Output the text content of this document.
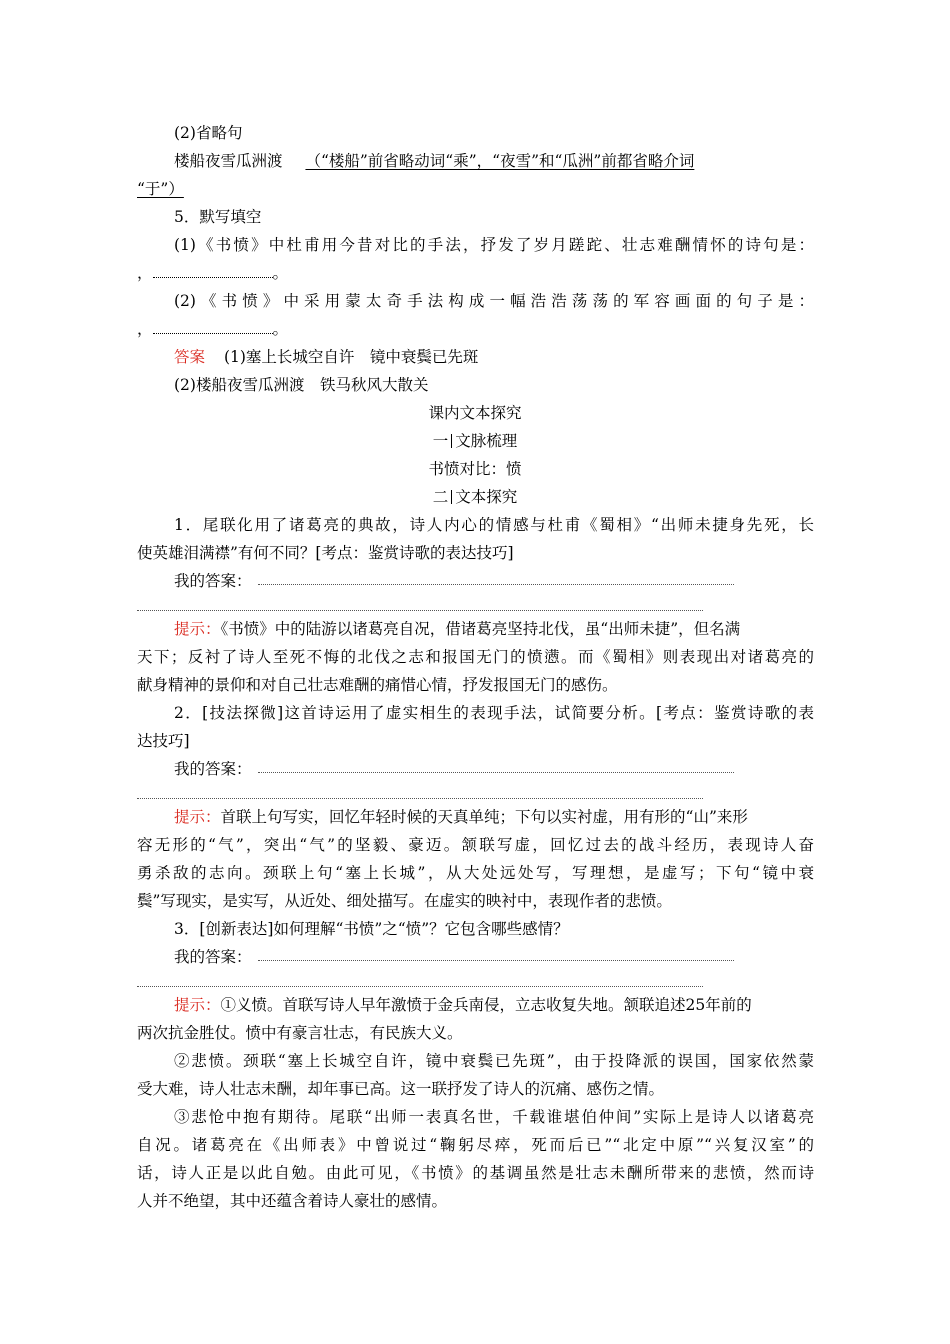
(2)省略句
楼船夜雪瓜洲渡 （“楼船”前省略动词“乘”，“夜雪”和“瓜洲”前都省略介词
“于”）
5．默写填空
(1)《书愤》中杜甫用今昔对比的手法，抒发了岁月蹉跎、壮志难酬情怀的诗句是：
，	。
(2)《书愤》中采用蒙太奇手法构成一幅浩浩荡荡的军容画面的句子是：
，	。
答案 (1)塞上长城空自许　镜中衰鬓已先斑
(2)楼船夜雪瓜洲渡　铁马秋风大散关
课内文本探究
一 文脉梳理
书愤对比：愤
二 文本探究
1．尾联化用了诸葛亮的典故，诗人内心的情感与杜甫《蜀相》“出师未捷身先死，长
使英雄泪满襟”有何不同？[考点：鉴赏诗歌的表达技巧]
我的答案：
提示：《书愤》中的陆游以诸葛亮自况，借诸葛亮坚持北伐，虽“出师未捷”，但名满
天下；反衬了诗人至死不悔的北伐之志和报国无门的愤懑。而《蜀相》则表现出对诸葛亮的
献身精神的景仰和对自己壮志难酬的痛惜心情，抒发报国无门的感伤。
2．[技法探微]这首诗运用了虚实相生的表现手法，试简要分析。[考点：鉴赏诗歌的表
达技巧]
我的答案：
提示：首联上句写实，回忆年轻时候的天真单纯；下句以实衬虚，用有形的“山”来形
容无形的“气”，突出“气”的坚毅、豪迈。颔联写虚，回忆过去的战斗经历，表现诗人奋
勇杀敌的志向。颈联上句“塞上长城”，从大处远处写，写理想，是虚写；下句“镜中衰
鬓”写现实，是实写，从近处、细处描写。在虚实的映衬中，表现作者的悲愤。
3．[创新表达]如何理解“书愤”之“愤”？它包含哪些感情？
我的答案：
提示：①义愤。首联写诗人早年激愤于金兵南侵，立志收复失地。颔联追述25年前的
两次抗金胜仗。愤中有豪言壮志，有民族大义。
②悲愤。颈联“塞上长城空自许，镜中衰鬓已先斑”，由于投降派的误国，国家依然蒙
受大难，诗人壮志未酬，却年事已高。这一联抒发了诗人的沉痛、感伤之情。
③悲怆中抱有期待。尾联“出师一表真名世，千载谁堪伯仲间”实际上是诗人以诸葛亮
自况。诸葛亮在《出师表》中曾说过“鞠躬尽瘁，死而后已”“北定中原”“兴复汉室”的
话，诗人正是以此自勉。由此可见，《书愤》的基调虽然是壮志未酬所带来的悲愤，然而诗
人并不绝望，其中还蕴含着诗人豪壮的感情。
